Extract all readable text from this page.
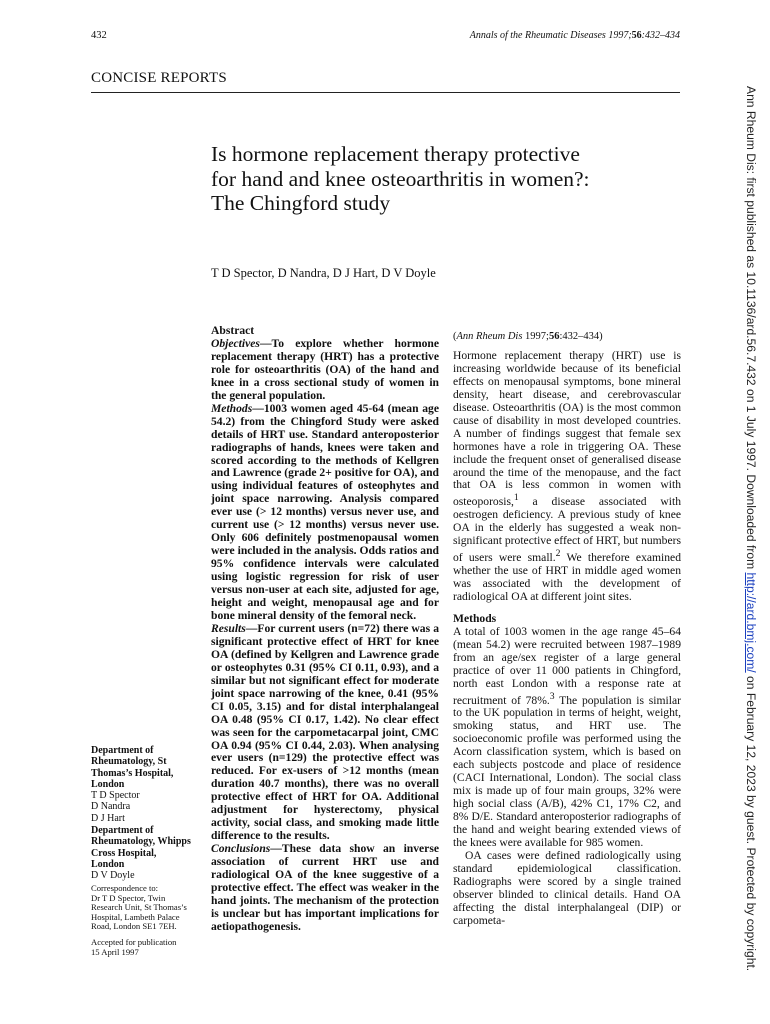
432	Annals of the Rheumatic Diseases 1997;56:432–434
CONCISE REPORTS
Is hormone replacement therapy protective
for hand and knee osteoarthritis in women?:
The Chingford study
T D Spector, D Nandra, D J Hart, D V Doyle

Abstract

Objectives—To explore whether hormone replacement therapy (HRT) has a protective role for osteoarthritis (OA) of the hand and knee in a cross sectional study of women in the general population.

Methods—1003 women aged 45-64 (mean age 54.2) from the Chingford Study were asked details of HRT use. Standard anteroposterior radiographs of hands, knees were taken and scored according to the methods of Kellgren and Lawrence (grade 2+ positive for OA), and using individual features of osteophytes and joint space narrowing. Analysis compared ever use (> 12 months) versus never use, and current use (> 12 months) versus never use. Only 606 definitely postmenopausal women were included in the analysis. Odds ratios and 95% confidence intervals were calculated using logistic regression for risk of user versus non-user at each site, adjusted for age, height and weight, menopausal age and for bone mineral density of the femoral neck.

Results—For current users (n=72) there was a significant protective effect of HRT for knee OA (defined by Kellgren and Lawrence grade or osteophytes 0.31 (95% CI 0.11, 0.93), and a similar but not significant effect for moderate joint space narrowing of the knee, 0.41 (95% CI 0.05, 3.15) and for distal interphalangeal OA 0.48 (95% CI 0.17, 1.42). No clear effect was seen for the carpometacarpal joint, CMC OA 0.94 (95% CI 0.44, 2.03). When analysing ever users (n=129) the protective effect was reduced. For ex-users of >12 months (mean duration 40.7 months), there was no overall protective effect of HRT for OA. Additional adjustment for hysterectomy, physical activity, social class, and smoking made little difference to the results.

Conclusions—These data show an inverse association of current HRT use and radiological OA of the knee suggestive of a protective effect. The effect was weaker in the hand joints. The mechanism of the protection is unclear but has important implications for aetiopathogenesis.

(Ann Rheum Dis 1997;56:432–434)

Hormone replacement therapy (HRT) use is increasing worldwide because of its beneficial effects on menopausal symptoms, bone mineral density, heart disease, and cerebrovascular disease. Osteoarthritis (OA) is the most common cause of disability in most developed countries. A number of findings suggest that female sex hormones have a role in triggering OA. These include the frequent onset of generalised disease around the time of the menopause, and the fact that OA is less common in women with osteoporosis,$^1$ a disease associated with oestrogen deficiency. A previous study of knee OA in the elderly has suggested a weak non-significant protective effect of HRT, but numbers of users were small.$^2$ We therefore examined whether the use of HRT in middle aged women was associated with the development of radiological OA at different joint sites.

Methods

A total of 1003 women in the age range 45–64 (mean 54.2) were recruited between 1987–1989 from an age/sex register of a large general practice of over 11 000 patients in Chingford, north east London with a response rate at recruitment of 78%.$^3$ The population is similar to the UK population in terms of height, weight, smoking status, and HRT use. The socioeconomic profile was performed using the Acorn classification system, which is based on each subjects postcode and place of residence (CACI International, London). The social class mix is made up of four main groups, 32% were high social class (A/B), 42% C1, 17% C2, and 8% D/E. Standard anteroposterior radiographs of the hand and weight bearing extended views of the knees were available for 985 women.

OA cases were defined radiologically using standard epidemiological classification. Radiographs were scored by a single trained observer blinded to clinical details. Hand OA affecting the distal interphalangeal (DIP) or carpometa-

Department of

Rheumatology, St

Thomas’s Hospital,

London

T D Spector

D Nandra

D J Hart

Department of

Rheumatology, Whipps

Cross Hospital,

London

D V Doyle

Correspondence to:

Dr T D Spector, Twin

Research Unit, St Thomas’s

Hospital, Lambeth Palace

Road, London SE1 7EH.

Accepted for publication

15 April 1997

Ann Rheum Dis: first published as 10.1136/ard.56.7.432 on 1 July 1997. Downloaded from http://ard.bmj.com/ on February 12, 2023 by guest. Protected by copyright.
